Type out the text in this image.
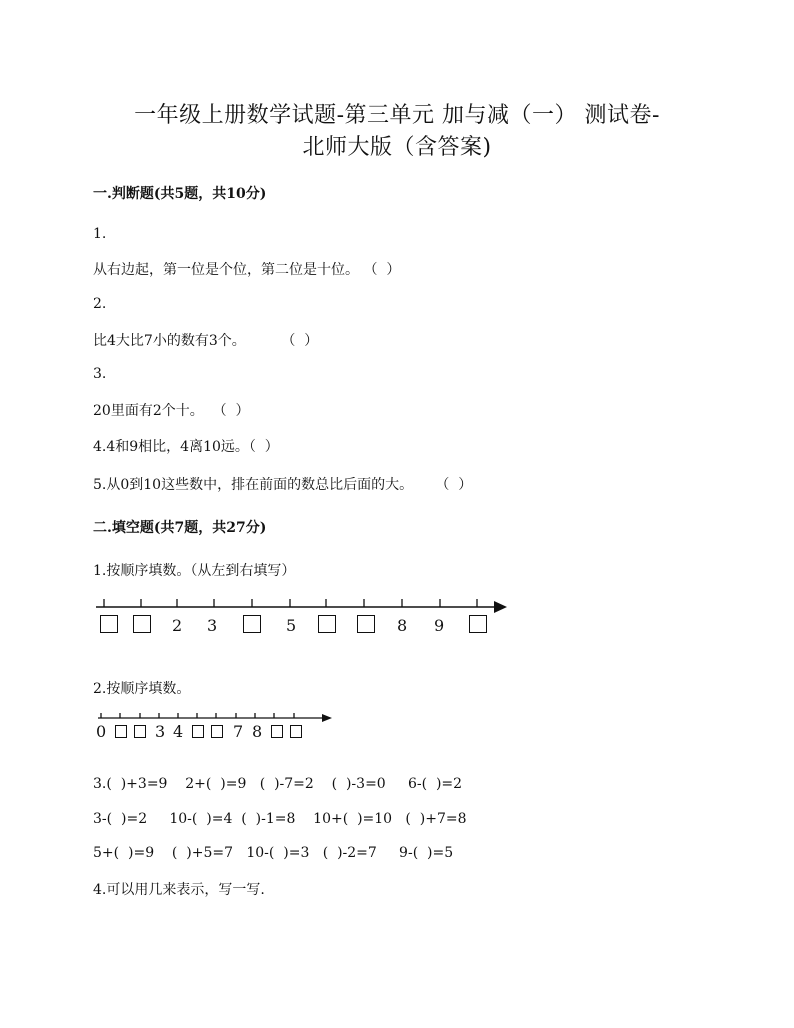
一年级上册数学试题-第三单元 加与减（一） 测试卷-
北师大版（含答案)
一.判断题(共5题，共10分)
1.
从右边起，第一位是个位，第二位是十位。 （  ）
2.
比4大比7小的数有3个。        （  ）
3.
20里面有2个十。  （  ）
4.4和9相比，4离10远。（  ）
5.从0到10这些数中，排在前面的数总比后面的大。     （  ）
二.填空题(共7题，共27分)
1.按顺序填数。（从左到右填写）
2 3	5	8 9
2.按顺序填数。
0	3 4	7 8
3.(  )+3=9    2+(  )=9   (  )-7=2    (  )-3=0     6-(  )=2
3-(  )=2     10-(  )=4  (  )-1=8    10+(  )=10   (  )+7=8
5+(  )=9    (  )+5=7   10-(  )=3   (  )-2=7     9-(  )=5
4.可以用几来表示，写一写.
